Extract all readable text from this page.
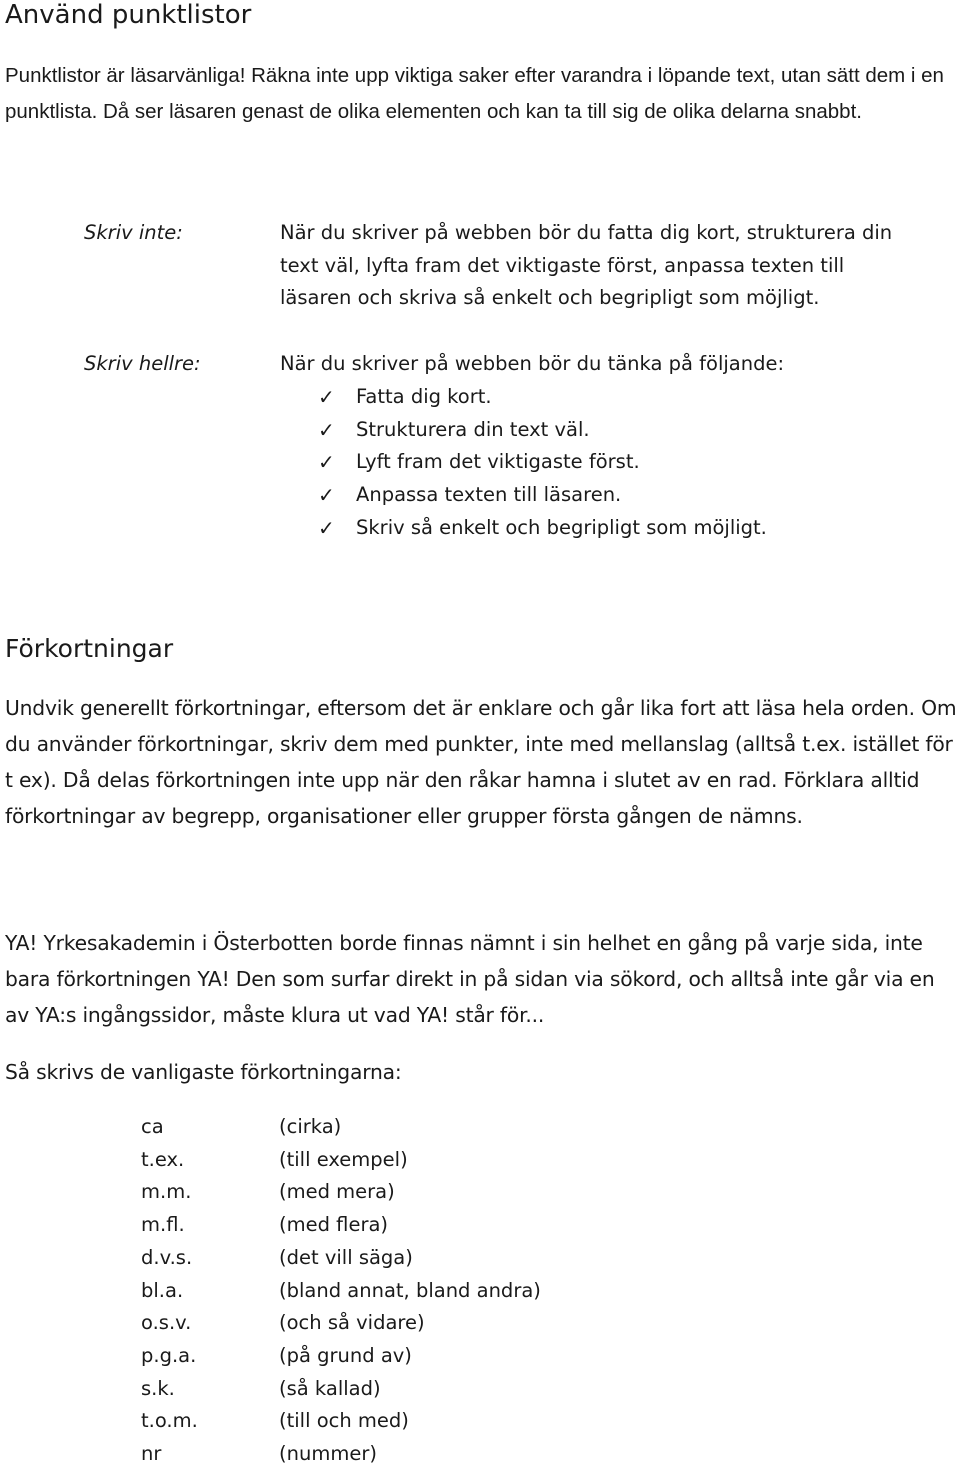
Använd punktlistor

Punktlistor är läsarvänliga! Räkna inte upp viktiga saker efter varandra i löpande text, utan sätt dem i en punktlista. Då ser läsaren genast de olika elementen och kan ta till sig de olika delarna snabbt.

Skriv inte:	När du skriver på webben bör du fatta dig kort, strukturera din text väl, lyfta fram det viktigaste först, anpassa texten till läsaren och skriva så enkelt och begripligt som möjligt.

Skriv hellre:	När du skriver på webben bör du tänka på följande:

✓ Fatta dig kort.
✓ Strukturera din text väl.
✓ Lyft fram det viktigaste först.
✓ Anpassa texten till läsaren.
✓ Skriv så enkelt och begripligt som möjligt.
Förkortningar

Undvik generellt förkortningar, eftersom det är enklare och går lika fort att läsa hela orden. Om du använder förkortningar, skriv dem med punkter, inte med mellanslag (alltså t.ex. istället för t ex). Då delas förkortningen inte upp när den råkar hamna i slutet av en rad. Förklara alltid förkortningar av begrepp, organisationer eller grupper första gången de nämns.

YA! Yrkesakademin i Österbotten borde finnas nämnt i sin helhet en gång på varje sida, inte bara förkortningen YA! Den som surfar direkt in på sidan via sökord, och alltså inte går via en av YA:s ingångssidor, måste klura ut vad YA! står för...

Så skrivs de vanligaste förkortningarna:

ca	(cirka)
t.ex.	(till exempel)
m.m.	(med mera)
m.fl.	(med flera)
d.v.s.	(det vill säga)
bl.a.	(bland annat, bland andra)
o.s.v.	(och så vidare)
p.g.a.	(på grund av)
s.k.	(så kallad)
t.o.m.	(till och med)
nr	(nummer)
